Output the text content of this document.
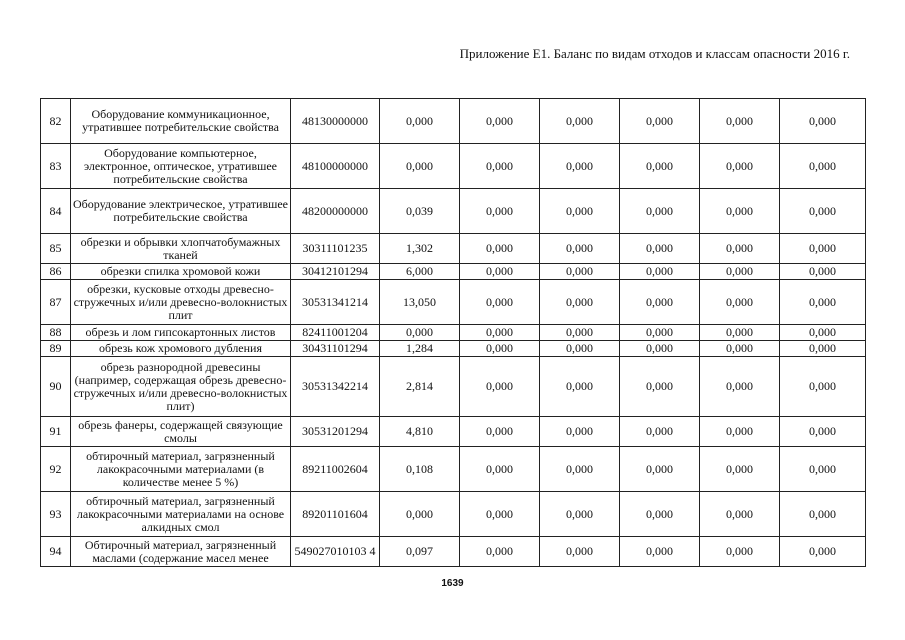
Приложение Е1. Баланс по видам отходов и классам опасности 2016 г.
82	Оборудование коммуникационное, утратившее потребительские свойства	48130000000	0,000	0,000	0,000	0,000	0,000	0,000
83	Оборудование компьютерное, электронное, оптическое, утратившее потребительские свойства	48100000000	0,000	0,000	0,000	0,000	0,000	0,000
84	Оборудование электрическое, утратившее потребительские свойства	48200000000	0,039	0,000	0,000	0,000	0,000	0,000
85	обрезки и обрывки хлопчатобумажных тканей	30311101235	1,302	0,000	0,000	0,000	0,000	0,000
86	обрезки спилка хромовой кожи	30412101294	6,000	0,000	0,000	0,000	0,000	0,000
87	обрезки, кусковые отходы древесно-стружечных и/или древесно-волокнистых плит	30531341214	13,050	0,000	0,000	0,000	0,000	0,000
88	обрезь и лом гипсокартонных листов	82411001204	0,000	0,000	0,000	0,000	0,000	0,000
89	обрезь кож хромового дубления	30431101294	1,284	0,000	0,000	0,000	0,000	0,000
90	обрезь разнородной древесины (например, содержащая обрезь древесно-стружечных и/или древесно-волокнистых плит)	30531342214	2,814	0,000	0,000	0,000	0,000	0,000
91	обрезь фанеры, содержащей связующие смолы	30531201294	4,810	0,000	0,000	0,000	0,000	0,000
92	обтирочный материал, загрязненный лакокрасочными материалами (в количестве менее 5 %)	89211002604	0,108	0,000	0,000	0,000	0,000	0,000
93	обтирочный материал, загрязненный лакокрасочными материалами на основе алкидных смол	89201101604	0,000	0,000	0,000	0,000	0,000	0,000
94	Обтирочный материал, загрязненный маслами (содержание масел менее	549027010103 4	0,097	0,000	0,000	0,000	0,000	0,000
1639
